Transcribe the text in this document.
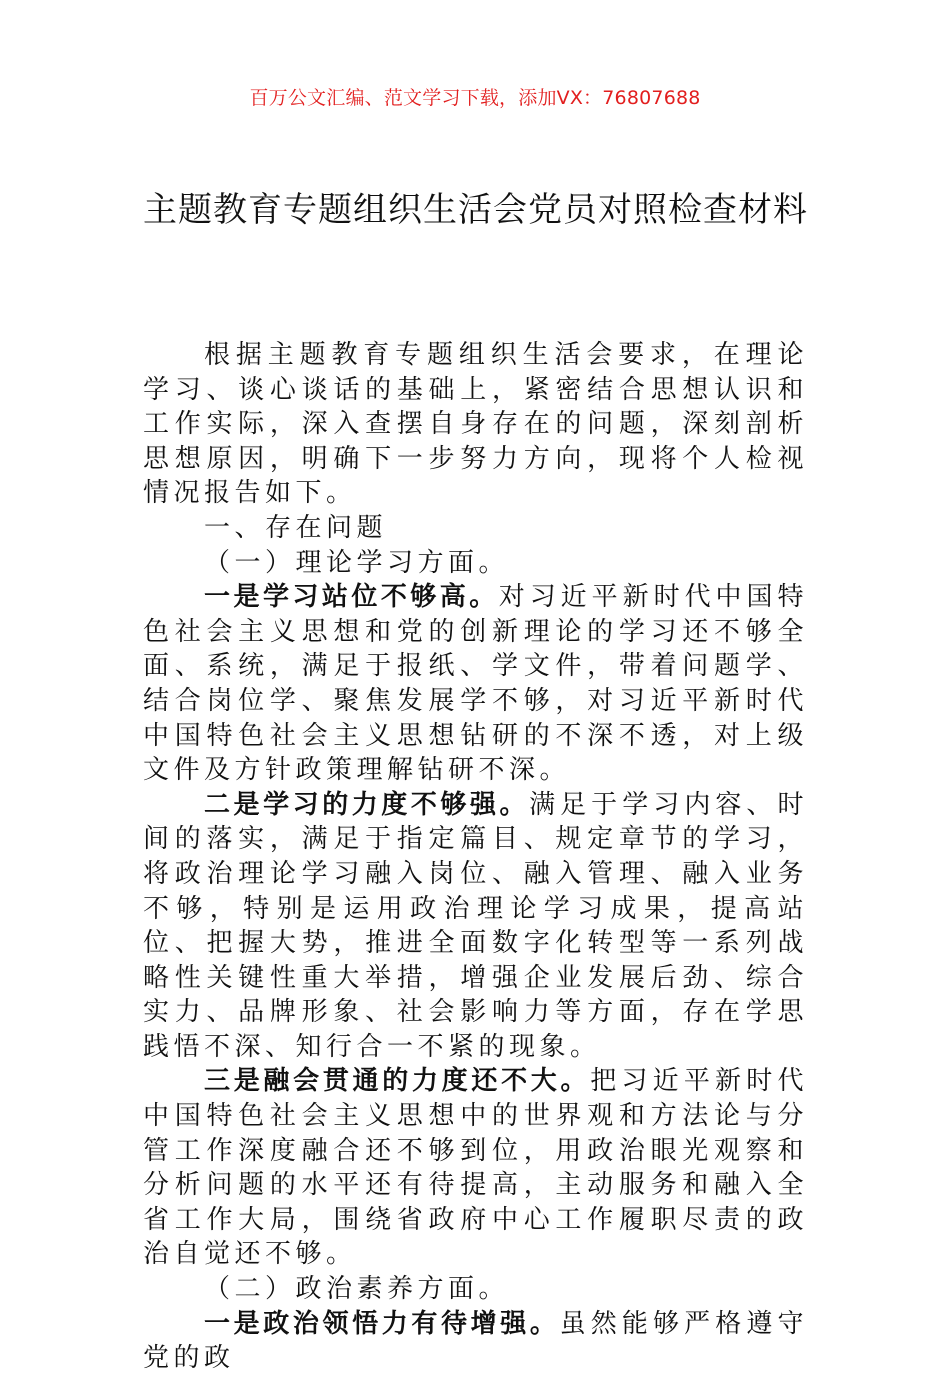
百万公文汇编、范文学习下载，添加VX：76807688
主题教育专题组织生活会党员对照检查材料

根据主题教育专题组织生活会要求，在理论学习、谈心谈话的基础上，紧密结合思想认识和工作实际，深入查摆自身存在的问题，深刻剖析思想原因，明确下一步努力方向，现将个人检视情况报告如下。

一、存在问题

（一）理论学习方面。

一是学习站位不够高。对习近平新时代中国特色社会主义思想和党的创新理论的学习还不够全面、系统，满足于报纸、学文件，带着问题学、结合岗位学、聚焦发展学不够，对习近平新时代中国特色社会主义思想钻研的不深不透，对上级文件及方针政策理解钻研不深。

二是学习的力度不够强。满足于学习内容、时间的落实，满足于指定篇目、规定章节的学习，将政治理论学习融入岗位、融入管理、融入业务不够，特别是运用政治理论学习成果，提高站位、把握大势，推进全面数字化转型等一系列战略性关键性重大举措，增强企业发展后劲、综合实力、品牌形象、社会影响力等方面，存在学思践悟不深、知行合一不紧的现象。

三是融会贯通的力度还不大。把习近平新时代中国特色社会主义思想中的世界观和方法论与分管工作深度融合还不够到位，用政治眼光观察和分析问题的水平还有待提高，主动服务和融入全省工作大局，围绕省政府中心工作履职尽责的政治自觉还不够。

（二）政治素养方面。

一是政治领悟力有待增强。虽然能够严格遵守党的政
